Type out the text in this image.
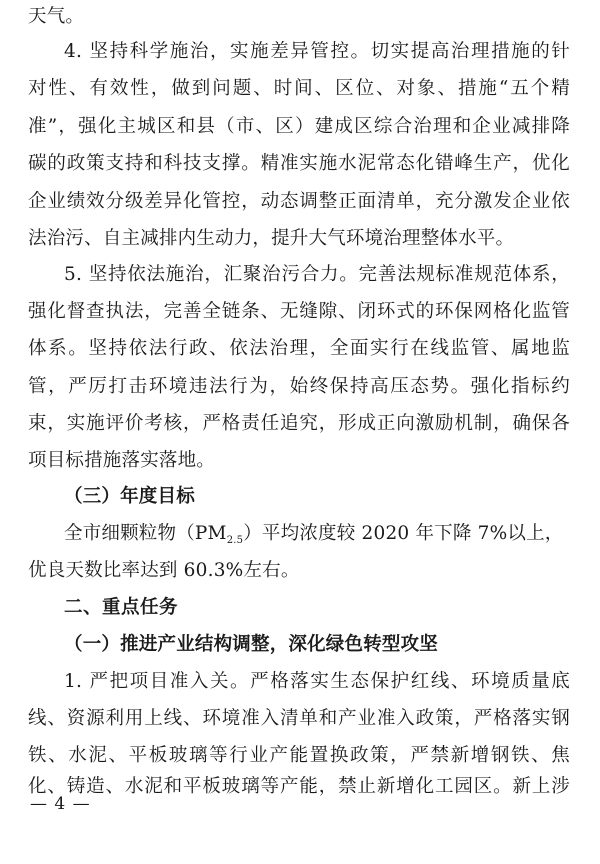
天气。
4. 坚持科学施治，实施差异管控。切实提高治理措施的针
对性、有效性，做到问题、时间、区位、对象、措施“五个精
准”，强化主城区和县（市、区）建成区综合治理和企业减排降
碳的政策支持和科技支撑。精准实施水泥常态化错峰生产，优化
企业绩效分级差异化管控，动态调整正面清单，充分激发企业依
法治污、自主减排内生动力，提升大气环境治理整体水平。
5. 坚持依法施治，汇聚治污合力。完善法规标准规范体系，
强化督查执法，完善全链条、无缝隙、闭环式的环保网格化监管
体系。坚持依法行政、依法治理，全面实行在线监管、属地监
管，严厉打击环境违法行为，始终保持高压态势。强化指标约
束，实施评价考核，严格责任追究，形成正向激励机制，确保各
项目标措施落实落地。
（三）年度目标
全市细颗粒物$(PM_{2.5})$平均浓度较 2020 年下降 7%以上，
优良天数比率达到 60.3%左右。
二、重点任务
（一）推进产业结构调整，深化绿色转型攻坚
1. 严把项目准入关。严格落实生态保护红线、环境质量底
线、资源利用上线、环境准入清单和产业准入政策，严格落实钢
铁、水泥、平板玻璃等行业产能置换政策，严禁新增钢铁、焦
化、铸造、水泥和平板玻璃等产能，禁止新增化工园区。新上涉
— 4 —
